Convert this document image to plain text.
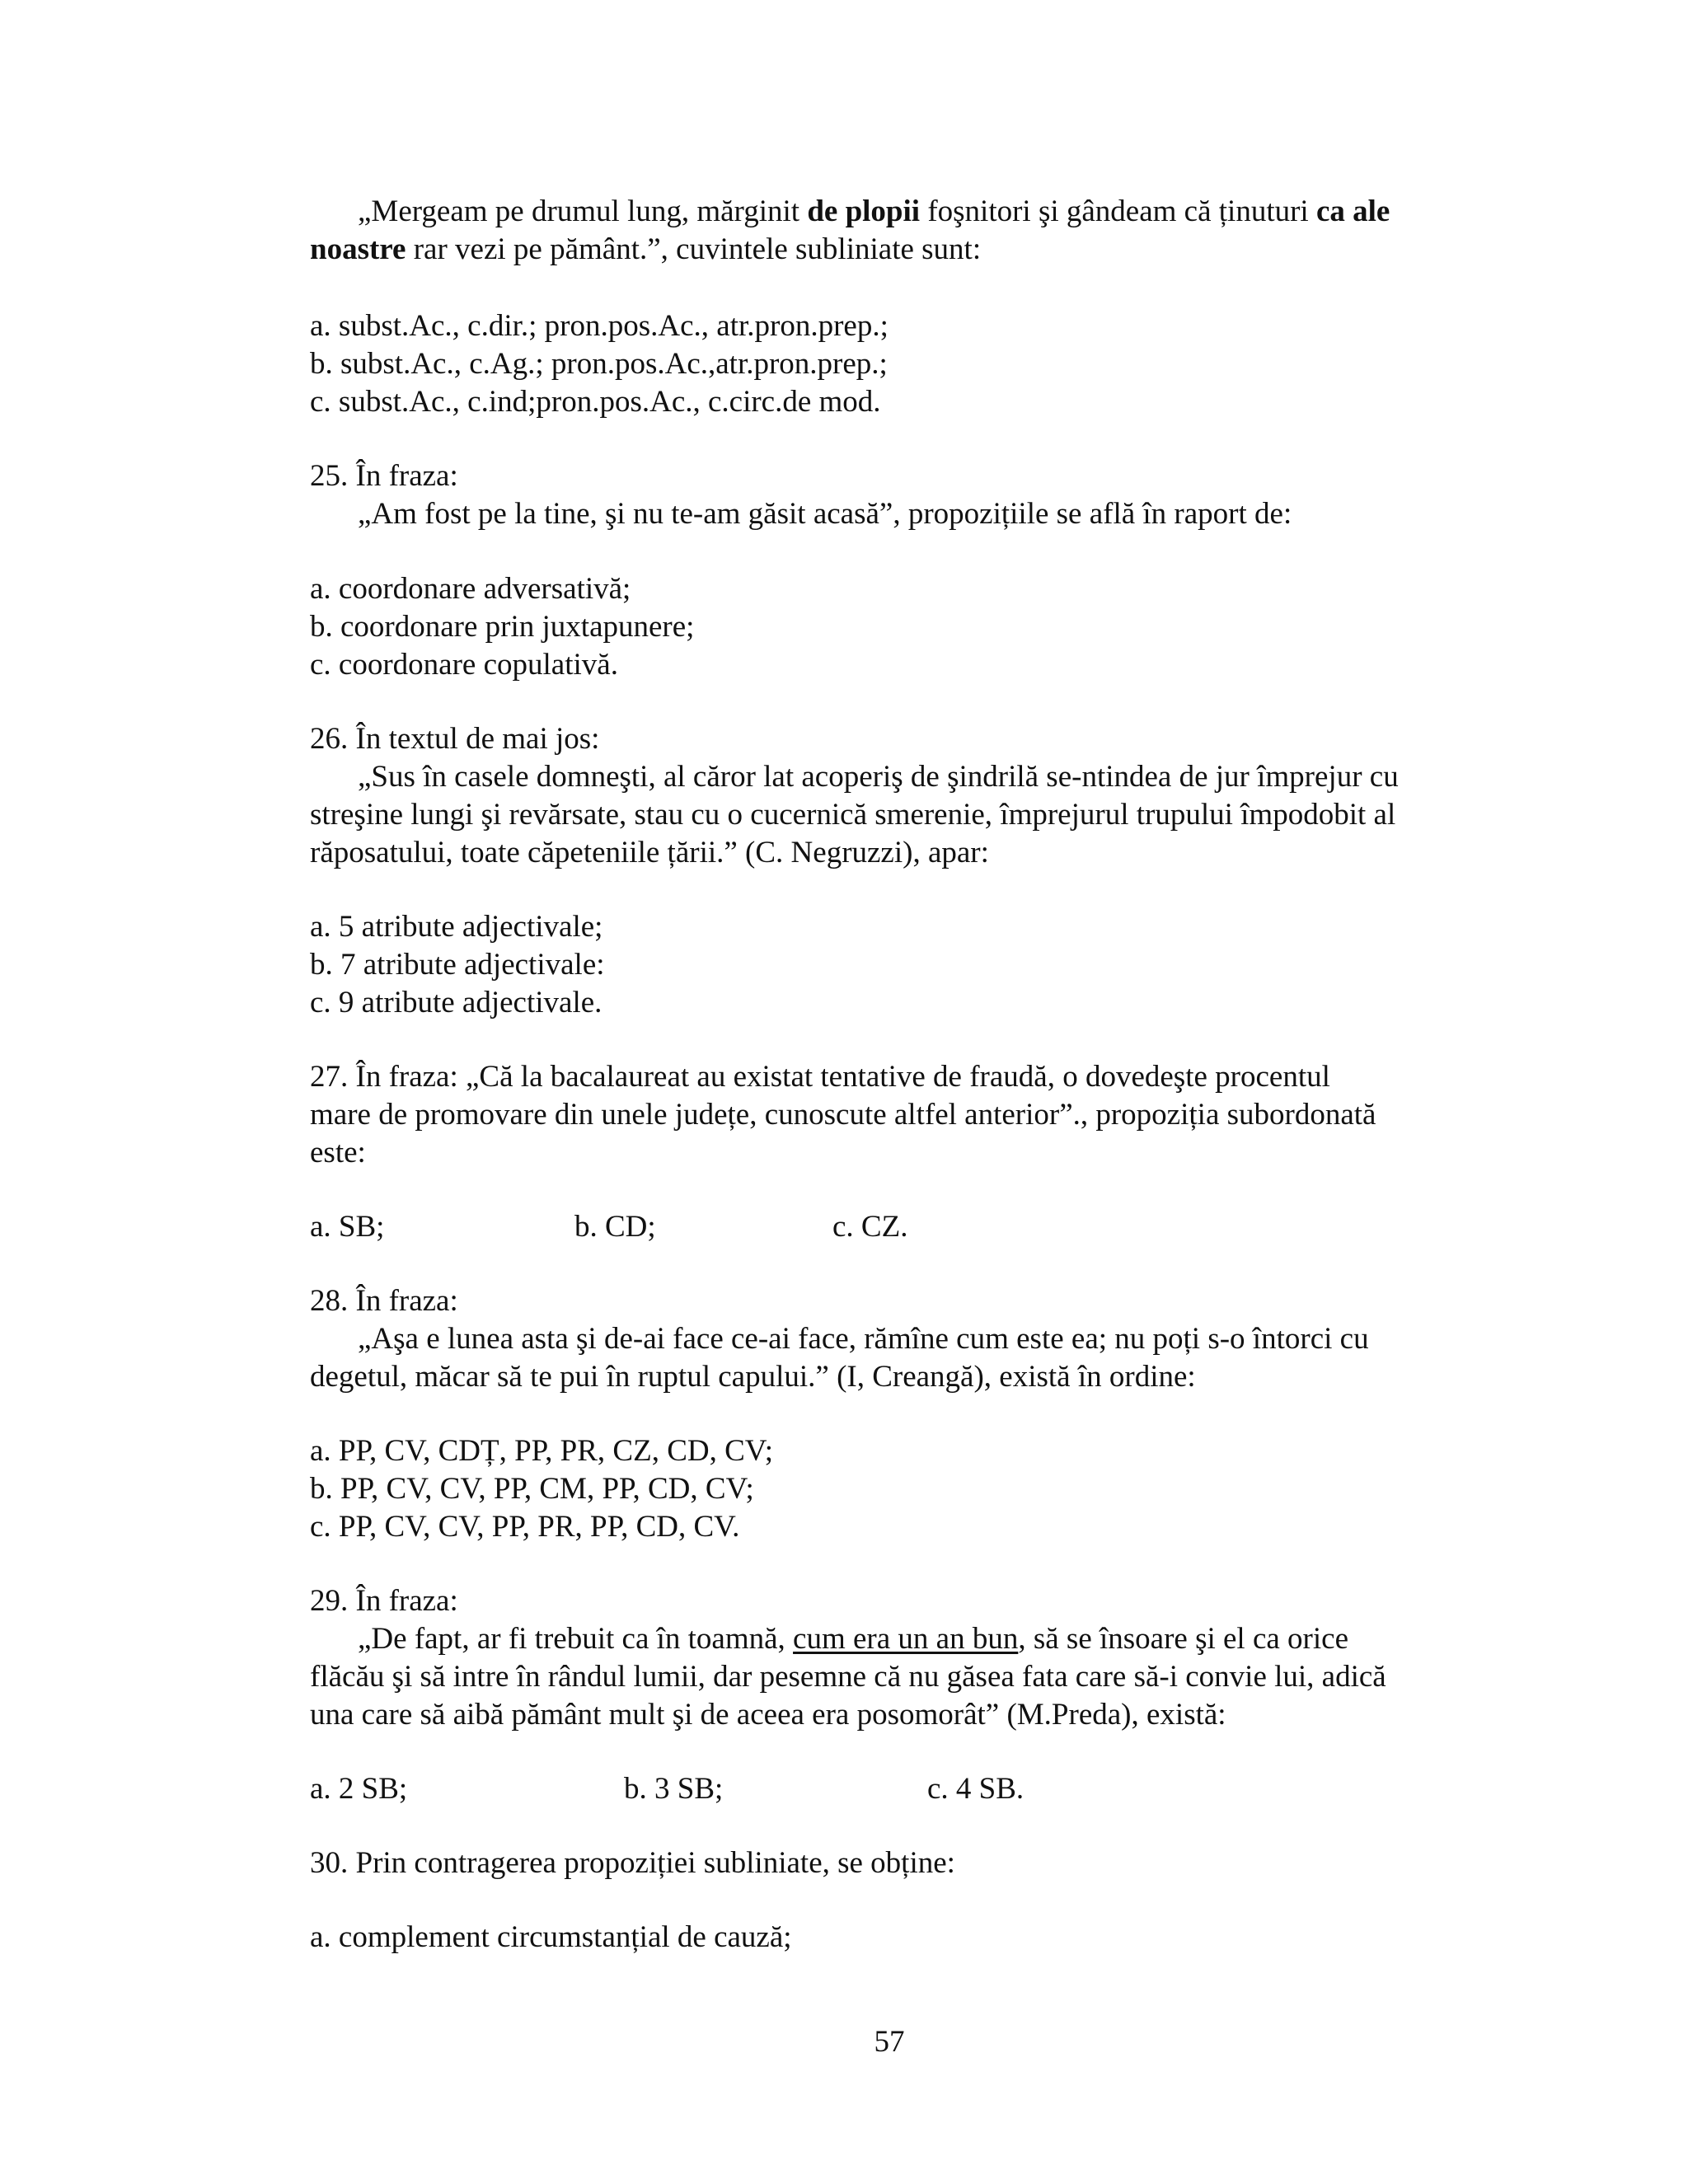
„Mergeam pe drumul lung, mărginit de plopii foşnitori şi gândeam că ținuturi ca ale
noastre rar vezi pe pământ.”, cuvintele subliniate sunt:
a. subst.Ac., c.dir.; pron.pos.Ac., atr.pron.prep.;
b. subst.Ac., c.Ag.; pron.pos.Ac.,atr.pron.prep.;
c. subst.Ac., c.ind;pron.pos.Ac., c.circ.de mod.
25. În fraza:
„Am fost pe la tine, şi nu te-am găsit acasă”, propozițiile se află în raport de:
a. coordonare adversativă;
b. coordonare prin juxtapunere;
c. coordonare copulativă.
26. În textul de mai jos:
„Sus în casele domneşti, al căror lat acoperiş de şindrilă se-ntindea de jur împrejur cu
streşine lungi şi revărsate, stau cu o cucernică smerenie, împrejurul trupului împodobit al
răposatului, toate căpeteniile țării.” (C. Negruzzi), apar:
a. 5 atribute adjectivale;
b. 7 atribute adjectivale:
c. 9 atribute adjectivale.
27. În fraza: „Că la bacalaureat au existat tentative de fraudă, o dovedeşte procentul
mare de promovare din unele județe, cunoscute altfel anterior”., propoziția subordonată
este:
a. SB;	b. CD;	c. CZ.
28. În fraza:
„Aşa e lunea asta şi de-ai face ce-ai face, rămîne cum este ea; nu poți s-o întorci cu
degetul, măcar să te pui în ruptul capului.” (I, Creangă), există în ordine:
a. PP, CV, CDȚ, PP, PR, CZ, CD, CV;
b. PP, CV, CV, PP, CM, PP, CD, CV;
c. PP, CV, CV, PP, PR, PP, CD, CV.
29. În fraza:
„De fapt, ar fi trebuit ca în toamnă, cum era un an bun, să se însoare şi el ca orice
flăcău şi să intre în rândul lumii, dar pesemne că nu găsea fata care să-i convie lui, adică
una care să aibă pământ mult şi de aceea era posomorât” (M.Preda), există:
a. 2 SB;	b. 3 SB;	c. 4 SB.
30. Prin contragerea propoziției subliniate, se obține:
a. complement circumstanțial de cauză;
57
